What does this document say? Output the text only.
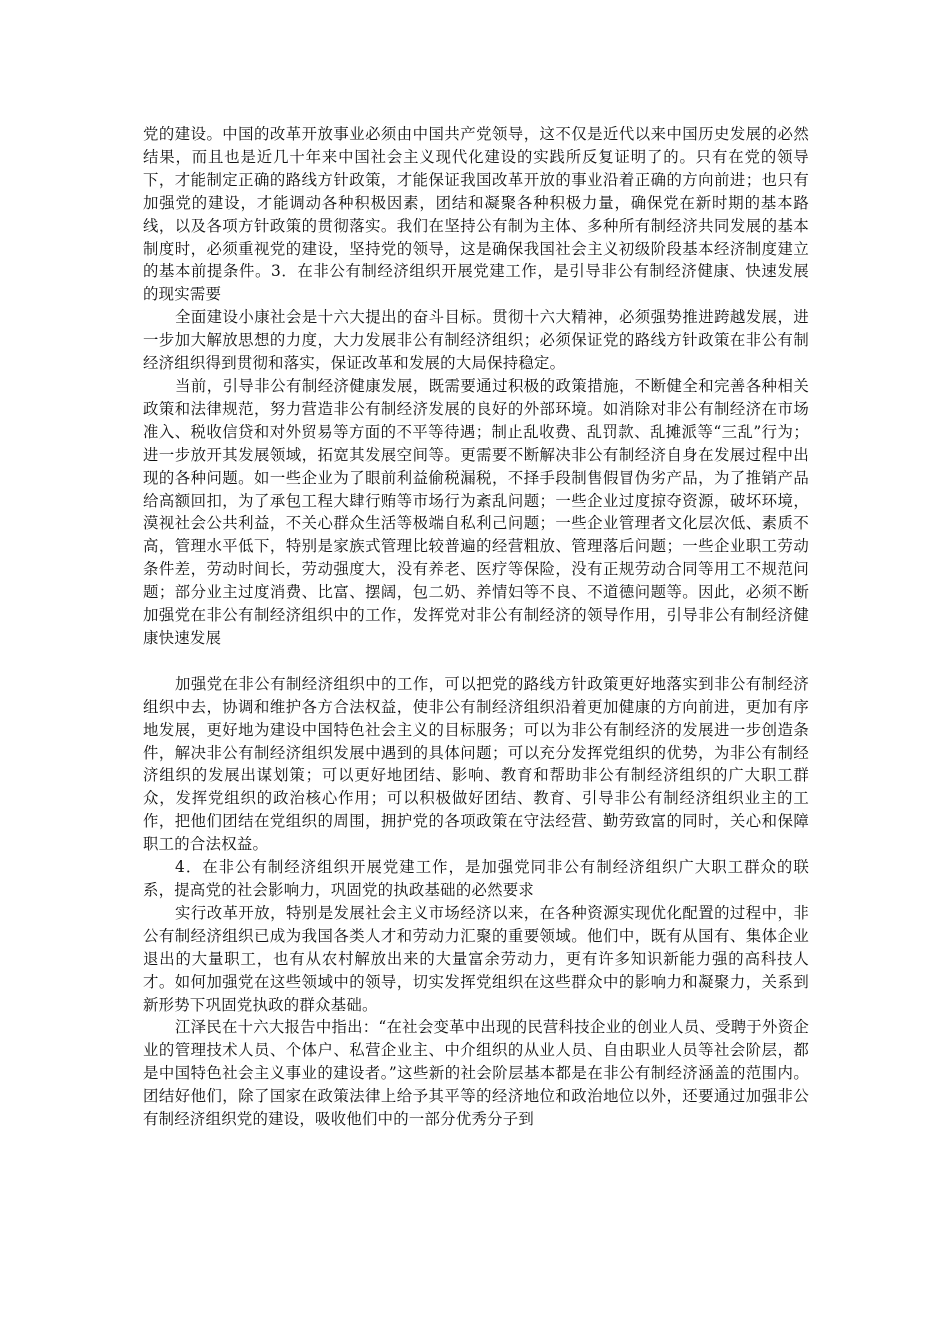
党的建设。中国的改革开放事业必须由中国共产党领导，这不仅是近代以来中国历史发展的必然结果，而且也是近几十年来中国社会主义现代化建设的实践所反复证明了的。只有在党的领导下，才能制定正确的路线方针政策，才能保证我国改革开放的事业沿着正确的方向前进；也只有加强党的建设，才能调动各种积极因素，团结和凝聚各种积极力量，确保党在新时期的基本路线，以及各项方针政策的贯彻落实。我们在坚持公有制为主体、多种所有制经济共同发展的基本制度时，必须重视党的建设，坚持党的领导，这是确保我国社会主义初级阶段基本经济制度建立的基本前提条件。3．在非公有制经济组织开展党建工作，是引导非公有制经济健康、快速发展的现实需要

全面建设小康社会是十六大提出的奋斗目标。贯彻十六大精神，必须强势推进跨越发展，进一步加大解放思想的力度，大力发展非公有制经济组织；必须保证党的路线方针政策在非公有制经济组织得到贯彻和落实，保证改革和发展的大局保持稳定。

当前，引导非公有制经济健康发展，既需要通过积极的政策措施，不断健全和完善各种相关政策和法律规范，努力营造非公有制经济发展的良好的外部环境。如消除对非公有制经济在市场准入、税收信贷和对外贸易等方面的不平等待遇；制止乱收费、乱罚款、乱摊派等“三乱”行为；进一步放开其发展领域，拓宽其发展空间等。更需要不断解决非公有制经济自身在发展过程中出现的各种问题。如一些企业为了眼前利益偷税漏税，不择手段制售假冒伪劣产品，为了推销产品给高额回扣，为了承包工程大肆行贿等市场行为紊乱问题；一些企业过度掠夺资源，破坏环境，漠视社会公共利益，不关心群众生活等极端自私利己问题；一些企业管理者文化层次低、素质不高，管理水平低下，特别是家族式管理比较普遍的经营粗放、管理落后问题；一些企业职工劳动条件差，劳动时间长，劳动强度大，没有养老、医疗等保险，没有正规劳动合同等用工不规范问题；部分业主过度消费、比富、摆阔，包二奶、养情妇等不良、不道德问题等。因此，必须不断加强党在非公有制经济组织中的工作，发挥党对非公有制经济的领导作用，引导非公有制经济健康快速发展

加强党在非公有制经济组织中的工作，可以把党的路线方针政策更好地落实到非公有制经济组织中去，协调和维护各方合法权益，使非公有制经济组织沿着更加健康的方向前进，更加有序地发展，更好地为建设中国特色社会主义的目标服务；可以为非公有制经济的发展进一步创造条件，解决非公有制经济组织发展中遇到的具体问题；可以充分发挥党组织的优势，为非公有制经济组织的发展出谋划策；可以更好地团结、影响、教育和帮助非公有制经济组织的广大职工群众，发挥党组织的政治核心作用；可以积极做好团结、教育、引导非公有制经济组织业主的工作，把他们团结在党组织的周围，拥护党的各项政策在守法经营、勤劳致富的同时，关心和保障职工的合法权益。

4．在非公有制经济组织开展党建工作，是加强党同非公有制经济组织广大职工群众的联系，提高党的社会影响力，巩固党的执政基础的必然要求

实行改革开放，特别是发展社会主义市场经济以来，在各种资源实现优化配置的过程中，非公有制经济组织已成为我国各类人才和劳动力汇聚的重要领域。他们中，既有从国有、集体企业退出的大量职工，也有从农村解放出来的大量富余劳动力，更有许多知识新能力强的高科技人才。如何加强党在这些领域中的领导，切实发挥党组织在这些群众中的影响力和凝聚力，关系到新形势下巩固党执政的群众基础。

江泽民在十六大报告中指出：“在社会变革中出现的民营科技企业的创业人员、受聘于外资企业的管理技术人员、个体户、私营企业主、中介组织的从业人员、自由职业人员等社会阶层，都是中国特色社会主义事业的建设者。”这些新的社会阶层基本都是在非公有制经济涵盖的范围内。团结好他们，除了国家在政策法律上给予其平等的经济地位和政治地位以外，还要通过加强非公有制经济组织党的建设，吸收他们中的一部分优秀分子到
